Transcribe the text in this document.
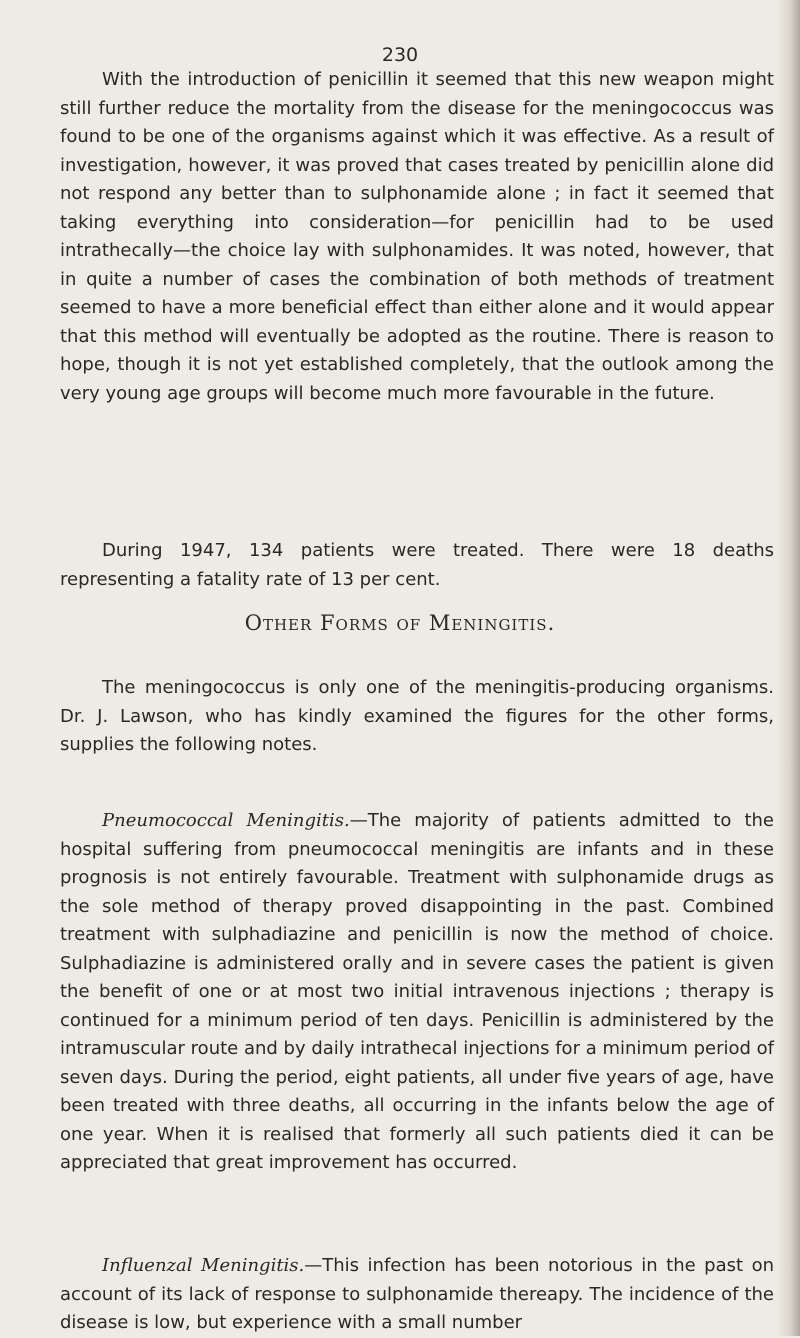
230
With the introduction of penicillin it seemed that this new weapon might still further reduce the mortality from the disease for the meningococcus was found to be one of the organisms against which it was effective. As a result of investigation, however, it was proved that cases treated by penicillin alone did not respond any better than to sulphonamide alone ; in fact it seemed that taking everything into consideration—for penicillin had to be used intrathecally—the choice lay with sulphonamides. It was noted, however, that in quite a number of cases the combination of both methods of treatment seemed to have a more beneficial effect than either alone and it would appear that this method will eventually be adopted as the routine. There is reason to hope, though it is not yet established completely, that the outlook among the very young age groups will become much more favourable in the future.
During 1947, 134 patients were treated. There were 18 deaths representing a fatality rate of 13 per cent.
Other Forms of Meningitis.
The meningococcus is only one of the meningitis-producing organisms. Dr. J. Lawson, who has kindly examined the figures for the other forms, supplies the following notes.
Pneumococcal Meningitis.—The majority of patients admitted to the hospital suffering from pneumococcal meningitis are infants and in these prognosis is not entirely favourable. Treatment with sulphonamide drugs as the sole method of therapy proved disappointing in the past. Combined treatment with sulphadiazine and penicillin is now the method of choice. Sulphadiazine is administered orally and in severe cases the patient is given the benefit of one or at most two initial intravenous injections ; therapy is continued for a minimum period of ten days. Penicillin is administered by the intramuscular route and by daily intrathecal injections for a minimum period of seven days. During the period, eight patients, all under five years of age, have been treated with three deaths, all occurring in the infants below the age of one year. When it is realised that formerly all such patients died it can be appreciated that great improvement has occurred.
Influenzal Meningitis.—This infection has been notorious in the past on account of its lack of response to sulphonamide thereapy. The incidence of the disease is low, but experience with a small number
